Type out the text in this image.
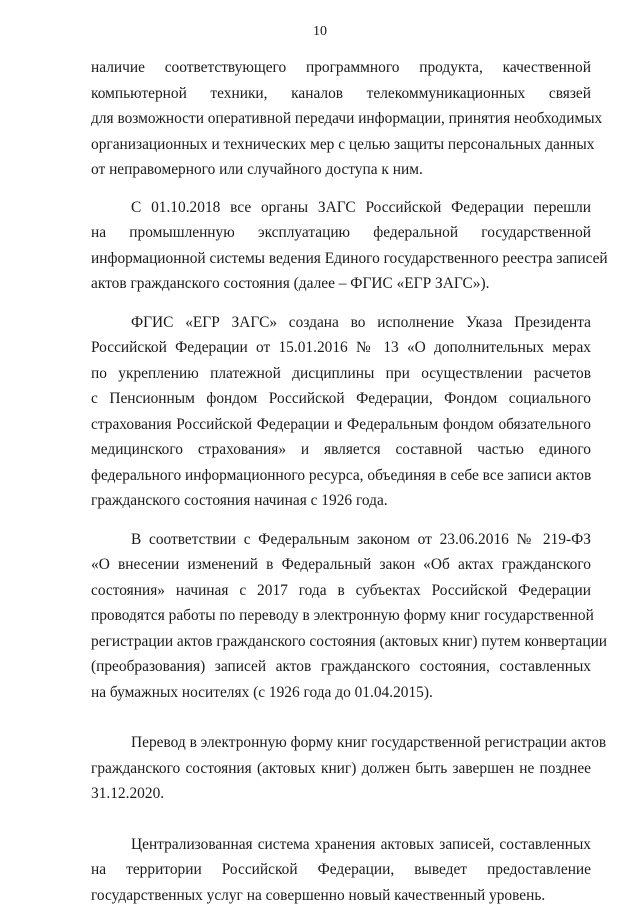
10

наличие соответствующего программного продукта, качественной
компьютерной техники, каналов телекоммуникационных связей
для возможности оперативной передачи информации, принятия необходимых
организационных и технических мер с целью защиты персональных данных
от неправомерного или случайного доступа к ним.

С 01.10.2018 все органы ЗАГС Российской Федерации перешли
на промышленную эксплуатацию федеральной государственной
информационной системы ведения Единого государственного реестра записей
актов гражданского состояния (далее – ФГИС «ЕГР ЗАГС»).

ФГИС «ЕГР ЗАГС» создана во исполнение Указа Президента
Российской Федерации от 15.01.2016 № 13 «О дополнительных мерах
по укреплению платежной дисциплины при осуществлении расчетов
с Пенсионным фондом Российской Федерации, Фондом социального
страхования Российской Федерации и Федеральным фондом обязательного
медицинского страхования» и является составной частью единого
федерального информационного ресурса, объединяя в себе все записи актов
гражданского состояния начиная с 1926 года.

В соответствии с Федеральным законом от 23.06.2016 № 219-ФЗ
«О внесении изменений в Федеральный закон «Об актах гражданского
состояния» начиная с 2017 года в субъектах Российской Федерации
проводятся работы по переводу в электронную форму книг государственной
регистрации актов гражданского состояния (актовых книг) путем конвертации
(преобразования) записей актов гражданского состояния, составленных
на бумажных носителях (с 1926 года до 01.04.2015).

Перевод в электронную форму книг государственной регистрации актов
гражданского состояния (актовых книг) должен быть завершен не позднее
31.12.2020.

Централизованная система хранения актовых записей, составленных
на территории Российской Федерации, выведет предоставление
государственных услуг на совершенно новый качественный уровень.
